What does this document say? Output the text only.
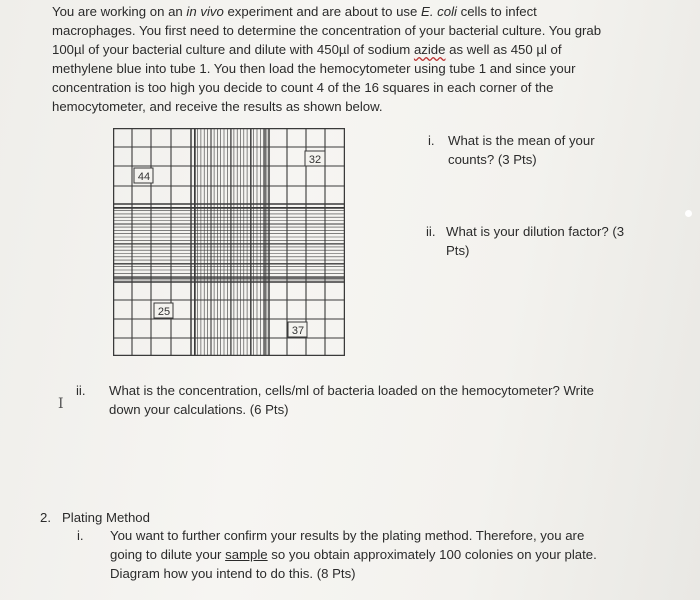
You are working on an in vivo experiment and are about to use E. coli cells to infect
macrophages. You first need to determine the concentration of your bacterial culture. You grab
100µl of your bacterial culture and dilute with 450µl of sodium azide as well as 450 µl of
methylene blue into tube 1. You then load the hemocytometer using tube 1 and since your
concentration is too high you decide to count 4 of the 16 squares in each corner of the
hemocytometer, and receive the results as shown below.
32
44
25
37
i. What is the mean of your
counts? (3 Pts)
ii. What is your dilution factor? (3
Pts)
ii. What is the concentration, cells/ml of bacteria loaded on the hemocytometer? Write
down your calculations. (6 Pts)
I
2. Plating Method
i. You want to further confirm your results by the plating method. Therefore, you are
going to dilute your sample so you obtain approximately 100 colonies on your plate.
Diagram how you intend to do this. (8 Pts)
